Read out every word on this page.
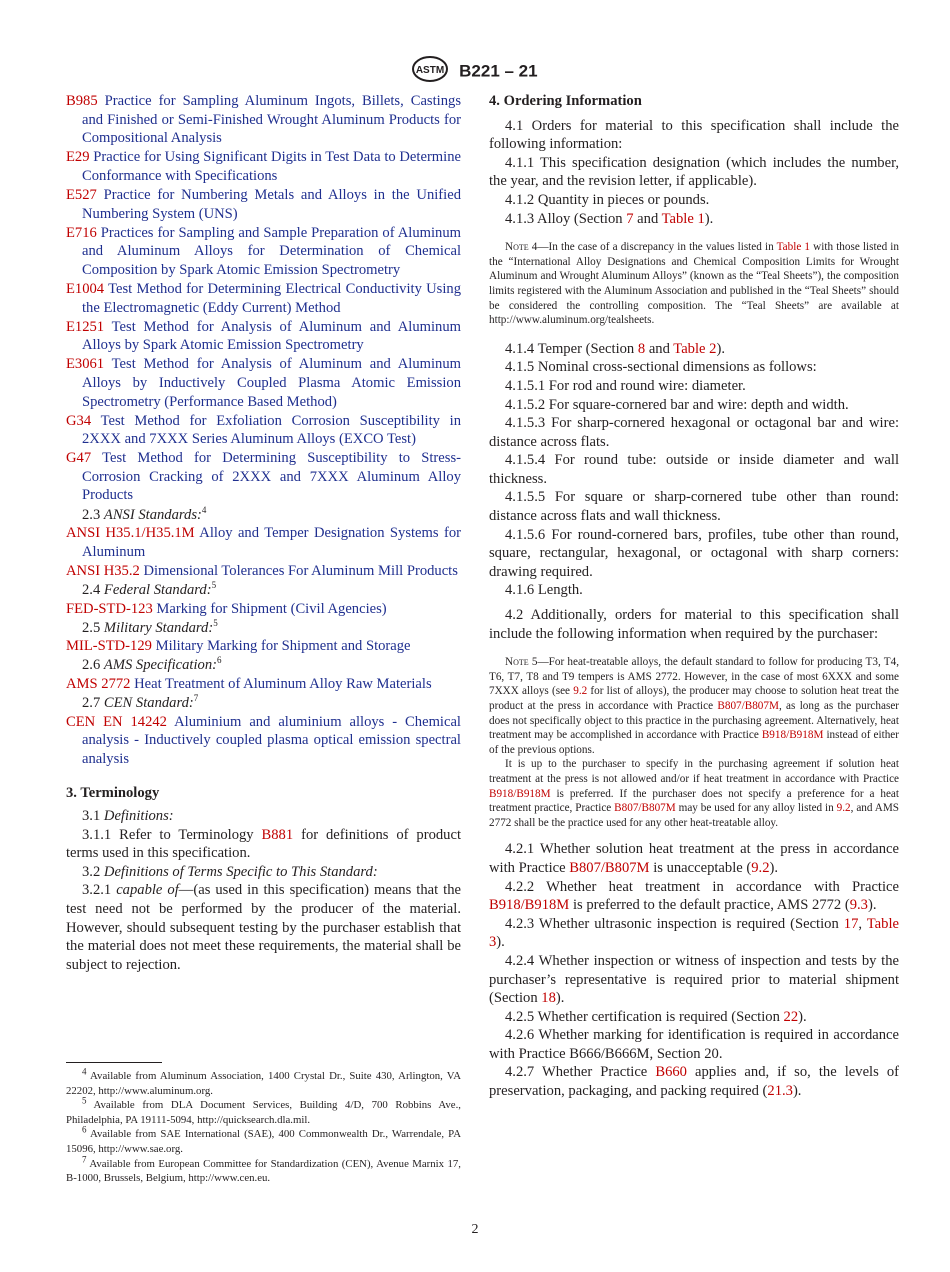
ASTM B221 – 21

B985 Practice for Sampling Aluminum Ingots, Billets, Castings and Finished or Semi-Finished Wrought Aluminum Products for Compositional Analysis

E29 Practice for Using Significant Digits in Test Data to Determine Conformance with Specifications

E527 Practice for Numbering Metals and Alloys in the Unified Numbering System (UNS)

E716 Practices for Sampling and Sample Preparation of Aluminum and Aluminum Alloys for Determination of Chemical Composition by Spark Atomic Emission Spectrometry

E1004 Test Method for Determining Electrical Conductivity Using the Electromagnetic (Eddy Current) Method

E1251 Test Method for Analysis of Aluminum and Aluminum Alloys by Spark Atomic Emission Spectrometry

E3061 Test Method for Analysis of Aluminum and Aluminum Alloys by Inductively Coupled Plasma Atomic Emission Spectrometry (Performance Based Method)

G34 Test Method for Exfoliation Corrosion Susceptibility in 2XXX and 7XXX Series Aluminum Alloys (EXCO Test)

G47 Test Method for Determining Susceptibility to Stress-Corrosion Cracking of 2XXX and 7XXX Aluminum Alloy Products

2.3 ANSI Standards:$^4$

ANSI H35.1/H35.1M Alloy and Temper Designation Systems for Aluminum

ANSI H35.2 Dimensional Tolerances For Aluminum Mill Products

2.4 Federal Standard:$^5$

FED-STD-123 Marking for Shipment (Civil Agencies)

2.5 Military Standard:$^5$

MIL-STD-129 Military Marking for Shipment and Storage

2.6 AMS Specification:$^6$

AMS 2772 Heat Treatment of Aluminum Alloy Raw Materials

2.7 CEN Standard:$^7$

CEN EN 14242 Aluminium and aluminium alloys - Chemical analysis - Inductively coupled plasma optical emission spectral analysis

3. Terminology

3.1 Definitions:

3.1.1 Refer to Terminology B881 for definitions of product terms used in this specification.

3.2 Definitions of Terms Specific to This Standard:

3.2.1 capable of—(as used in this specification) means that the test need not be performed by the producer of the material. However, should subsequent testing by the purchaser establish that the material does not meet these requirements, the material shall be subject to rejection.

$^4$ Available from Aluminum Association, 1400 Crystal Dr., Suite 430, Arlington, VA 22202, http://www.aluminum.org.

$^5$ Available from DLA Document Services, Building 4/D, 700 Robbins Ave., Philadelphia, PA 19111-5094, http://quicksearch.dla.mil.

$^6$ Available from SAE International (SAE), 400 Commonwealth Dr., Warrendale, PA 15096, http://www.sae.org.

$^7$ Available from European Committee for Standardization (CEN), Avenue Marnix 17, B-1000, Brussels, Belgium, http://www.cen.eu.

4. Ordering Information

4.1 Orders for material to this specification shall include the following information:

4.1.1 This specification designation (which includes the number, the year, and the revision letter, if applicable).

4.1.2 Quantity in pieces or pounds.

4.1.3 Alloy (Section 7 and Table 1).

Note 4—In the case of a discrepancy in the values listed in Table 1 with those listed in the “International Alloy Designations and Chemical Composition Limits for Wrought Aluminum and Wrought Aluminum Alloys” (known as the “Teal Sheets”), the composition limits registered with the Aluminum Association and published in the “Teal Sheets” should be considered the controlling composition. The “Teal Sheets” are available at http://www.aluminum.org/tealsheets.

4.1.4 Temper (Section 8 and Table 2).

4.1.5 Nominal cross-sectional dimensions as follows:

4.1.5.1 For rod and round wire: diameter.

4.1.5.2 For square-cornered bar and wire: depth and width.

4.1.5.3 For sharp-cornered hexagonal or octagonal bar and wire: distance across flats.

4.1.5.4 For round tube: outside or inside diameter and wall thickness.

4.1.5.5 For square or sharp-cornered tube other than round: distance across flats and wall thickness.

4.1.5.6 For round-cornered bars, profiles, tube other than round, square, rectangular, hexagonal, or octagonal with sharp corners: drawing required.

4.1.6 Length.

4.2 Additionally, orders for material to this specification shall include the following information when required by the purchaser:

Note 5—For heat-treatable alloys, the default standard to follow for producing T3, T4, T6, T7, T8 and T9 tempers is AMS 2772. However, in the case of most 6XXX and some 7XXX alloys (see 9.2 for list of alloys), the producer may choose to solution heat treat the product at the press in accordance with Practice B807/B807M, as long as the purchaser does not specifically object to this practice in the purchasing agreement. Alternatively, heat treatment may be accomplished in accordance with Practice B918/B918M instead of either of the previous options.

It is up to the purchaser to specify in the purchasing agreement if solution heat treatment at the press is not allowed and/or if heat treatment in accordance with Practice B918/B918M is preferred. If the purchaser does not specify a preference for a heat treatment practice, Practice B807/B807M may be used for any alloy listed in 9.2, and AMS 2772 shall be the practice used for any other heat-treatable alloy.

4.2.1 Whether solution heat treatment at the press in accordance with Practice B807/B807M is unacceptable (9.2).

4.2.2 Whether heat treatment in accordance with Practice B918/B918M is preferred to the default practice, AMS 2772 (9.3).

4.2.3 Whether ultrasonic inspection is required (Section 17, Table 3).

4.2.4 Whether inspection or witness of inspection and tests by the purchaser’s representative is required prior to material shipment (Section 18).

4.2.5 Whether certification is required (Section 22).

4.2.6 Whether marking for identification is required in accordance with Practice B666/B666M, Section 20.

4.2.7 Whether Practice B660 applies and, if so, the levels of preservation, packaging, and packing required (21.3).

2
